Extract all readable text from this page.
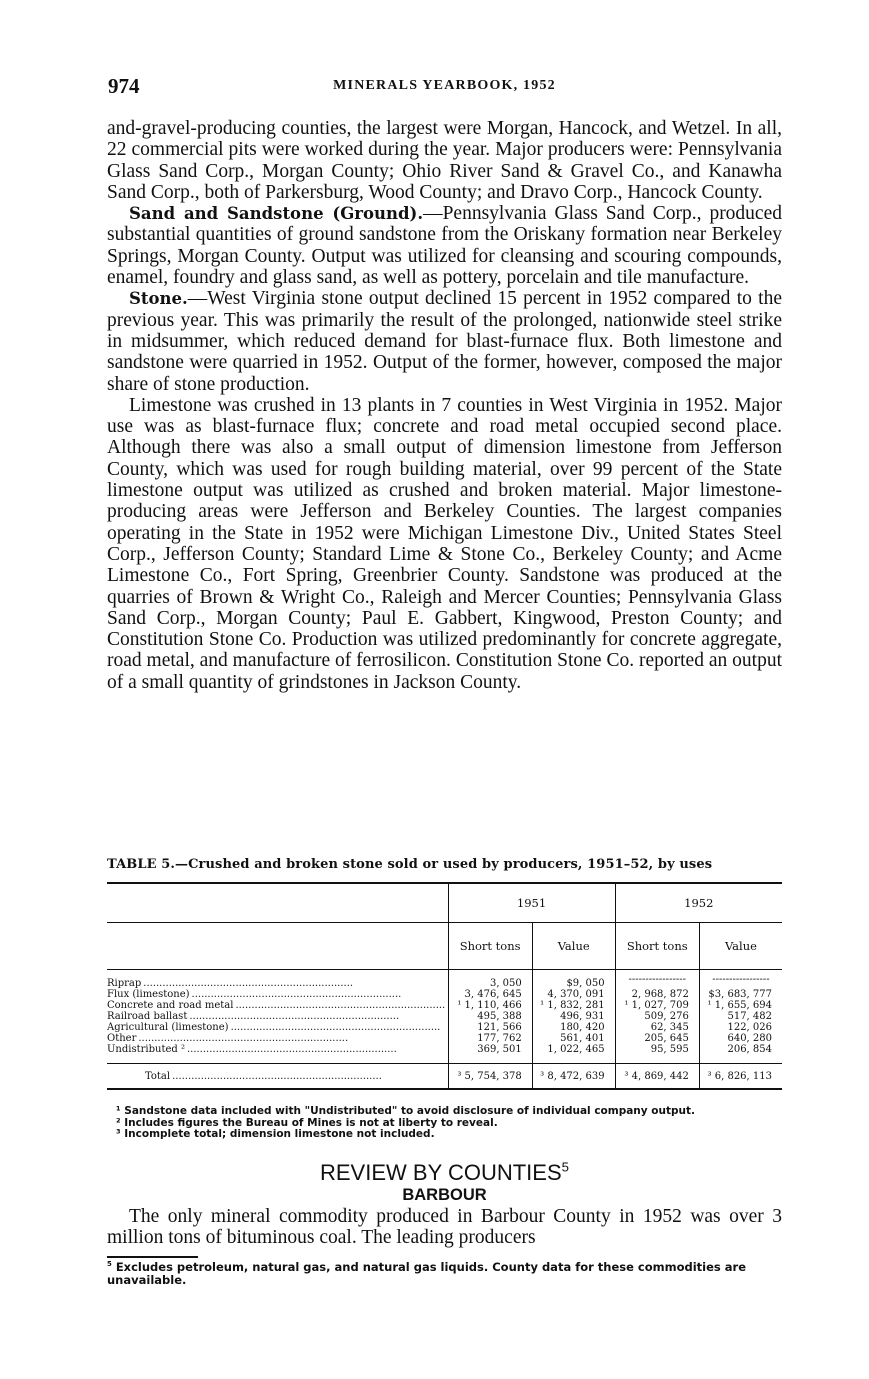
974	MINERALS YEARBOOK, 1952

and-gravel-producing counties, the largest were Morgan, Hancock, and Wetzel. In all, 22 commercial pits were worked during the year. Major producers were: Pennsylvania Glass Sand Corp., Morgan County; Ohio River Sand & Gravel Co., and Kanawha Sand Corp., both of Parkersburg, Wood County; and Dravo Corp., Hancock County.

Sand and Sandstone (Ground).—Pennsylvania Glass Sand Corp., produced substantial quantities of ground sandstone from the Oriskany formation near Berkeley Springs, Morgan County. Output was utilized for cleansing and scouring compounds, enamel, foundry and glass sand, as well as pottery, porcelain and tile manufacture.

Stone.—West Virginia stone output declined 15 percent in 1952 compared to the previous year. This was primarily the result of the prolonged, nationwide steel strike in midsummer, which reduced demand for blast-furnace flux. Both limestone and sandstone were quarried in 1952. Output of the former, however, composed the major share of stone production.

Limestone was crushed in 13 plants in 7 counties in West Virginia in 1952. Major use was as blast-furnace flux; concrete and road metal occupied second place. Although there was also a small output of dimension limestone from Jefferson County, which was used for rough building material, over 99 percent of the State limestone output was utilized as crushed and broken material. Major limestone-producing areas were Jefferson and Berkeley Counties. The largest companies operating in the State in 1952 were Michigan Limestone Div., United States Steel Corp., Jefferson County; Standard Lime & Stone Co., Berkeley County; and Acme Limestone Co., Fort Spring, Greenbrier County. Sandstone was produced at the quarries of Brown & Wright Co., Raleigh and Mercer Counties; Pennsylvania Glass Sand Corp., Morgan County; Paul E. Gabbert, Kingwood, Preston County; and Constitution Stone Co. Production was utilized predominantly for concrete aggregate, road metal, and manufacture of ferrosilicon. Constitution Stone Co. reported an output of a small quantity of grindstones in Jackson County.

TABLE 5.—Crushed and broken stone sold or used by producers, 1951–52, by uses

	1951		1952	
	Short tons	Value	Short tons	Value

Riprap ..................................................................	3, 050	$9, 050	-----------------	-----------------
Flux (limestone) ..................................................................	3, 476, 645	4, 370, 091	2, 968, 872	$3, 683, 777
Concrete and road metal ..................................................................	¹ 1, 110, 466	¹ 1, 832, 281	¹ 1, 027, 709	¹ 1, 655, 694
Railroad ballast ..................................................................	495, 388	496, 931	509, 276	517, 482
Agricultural (limestone) ..................................................................	121, 566	180, 420	62, 345	122, 026
Other ..................................................................	177, 762	561, 401	205, 645	640, 280
Undistributed ² ..................................................................	369, 501	1, 022, 465	95, 595	206, 854
Total ..................................................................	³ 5, 754, 378	³ 8, 472, 639	³ 4, 869, 442	³ 6, 826, 113

¹ Sandstone data included with "Undistributed" to avoid disclosure of individual company output.
² Includes figures the Bureau of Mines is not at liberty to reveal.
³ Incomplete total; dimension limestone not included.
REVIEW BY COUNTIES$^5$
BARBOUR

The only mineral commodity produced in Barbour County in 1952 was over 3 million tons of bituminous coal. The leading producers

$^5$ Excludes petroleum, natural gas, and natural gas liquids. County data for these commodities are unavailable.
